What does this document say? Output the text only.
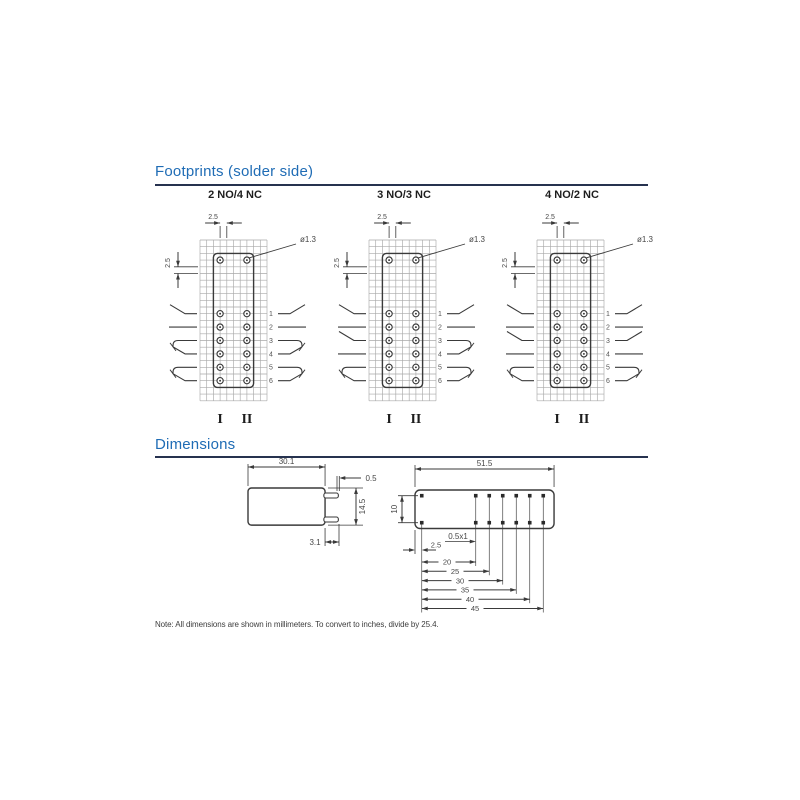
Footprints (solder side)
2 NO/4 NC
2.5
2.5
ø1.3
1
2
3
4
5
6
I II
3 NO/3 NC
2.5
2.5
ø1.3
1
2
3
4
5
6
I II
4 NO/2 NC
2.5
2.5
ø1.3
1
2
3
4
5
6
I II
Dimensions
30.1
0.5
14.5
3.1
51.5
10
0.5x1
2.5
20
25
30
35
40
45
Note: All dimensions are shown in millimeters. To convert to inches, divide by 25.4.
